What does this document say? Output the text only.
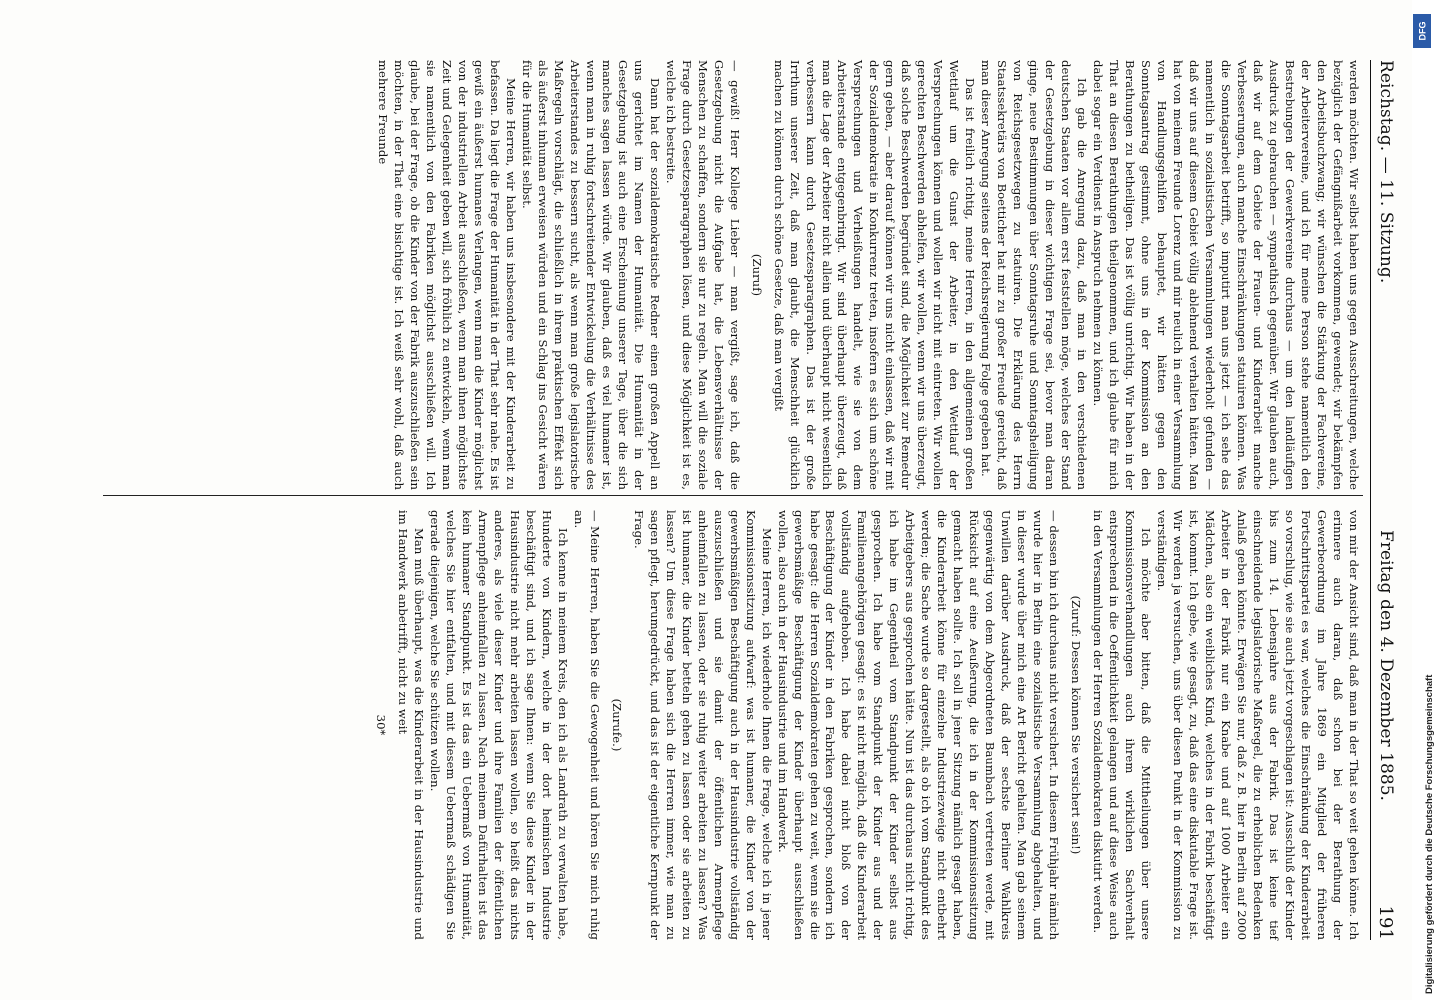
Reichstag. — 11. Sitzung.
Freitag den 4. Dezember 1885.
191

werden möchten. Wir selbst haben uns gegen Ausschreitungen, welche bezüglich der Gefängnißarbeit vorkommen, gewendet; wir bekämpfen den Arbeitsbuchzwang; wir wünschen die Stärkung der Fachvereine, der Arbeitervereine, und ich für meine Person stehe namentlich den Bestrebungen der Gewerkvereine durchaus — um den landläufigen Ausdruck zu gebrauchen — sympathisch gegenüber. Wir glauben auch, daß wir auf dem Gebiete der Frauen- und Kinderarbeit manche Verbesserungen, auch manche Einschränkungen statuiren können. Was die Sonntagsarbeit betrifft, so imputirt man uns jetzt — ich sehe das namentlich in sozialistischen Versammlungen wiederholt gefunden — daß wir uns auf diesem Gebiet völlig ablehnend verhalten hätten. Man hat von meinem Freunde Lorenz und mir neulich in einer Versammlung von Handlungsgehilfen behauptet, wir hätten gegen den Sonntagsantrag gestimmt, ohne uns in der Kommission an den Berathungen zu betheiligen. Das ist völlig unrichtig. Wir haben in der That an diesen Berathungen theilgenommen, und ich glaube für mich dabei sogar ein Verdienst in Anspruch nehmen zu können.

Ich gab die Anregung dazu, daß man in den verschiedenen deutschen Staaten vor allem erst feststellen möge, welches der Stand der Gesetzgebung in dieser wichtigen Frage sei, bevor man daran ginge, neue Bestimmungen über Sonntagsruhe und Sonntagsheiligung von Reichsgesetzwegen zu statuiren. Die Erklärung des Herrn Staatssekretärs von Boetticher hat mir zu großer Freude gereicht, daß man dieser Anregung seitens der Reichsregierung Folge gegeben hat.

Das ist freilich richtig, meine Herren, in den allgemeinen großen Wettlauf um die Gunst der Arbeiter, in den Wettlauf der Versprechungen können und wollen wir nicht mit eintreten. Wir wollen gerechten Beschwerden abhelfen, wir wollen, wenn wir uns überzeugt, daß solche Beschwerden begründet sind, die Möglichkeit zur Remedur gern geben, — aber darauf können wir uns nicht einlassen, daß wir mit der Sozialdemokratie in Konkurrenz treten, insofern es sich um schöne Versprechungen und Verheißungen handelt, wie sie von dem Arbeiterstande entgegenbringt. Wir sind überhaupt überzeugt, daß man die Lage der Arbeiter nicht allein und überhaupt nicht wesentlich verbessern kann durch Gesetzesparagraphen. Das ist der große Irrthum unserer Zeit, daß man glaubt, die Menschheit glücklich machen zu können durch schöne Gesetze, daß man vergißt

(Zuruf)

— gewiß! Herr Kollege Lieber — man vergißt, sage ich, daß die Gesetzgebung nicht die Aufgabe hat, die Lebensverhältnisse der Menschen zu schaffen, sondern sie nur zu regeln. Man will die soziale Frage durch Gesetzesparagraphen lösen, und diese Möglichkeit ist es, welche ich bestreite.

Dann hat der sozialdemokratische Redner einen großen Appell an uns gerichtet im Namen der Humanität. Die Humanität in der Gesetzgebung ist auch eine Erscheinung unserer Tage, über die sich manches sagen lassen würde. Wir glauben, daß es viel humaner ist, wenn man in ruhig fortschreitender Entwickelung die Verhältnisse des Arbeiterstandes zu bessern sucht, als wenn man große legislatorische Maßregeln vorschlägt, die schließlich in ihrem praktischen Effekt sich als äußerst inhuman erweisen würden und ein Schlag ins Gesicht wären für die Humanität selbst.

Meine Herren, wir haben uns insbesondere mit der Kinderarbeit zu befassen. Da liegt die Frage der Humanität in der That sehr nahe. Es ist gewiß ein äußerst humanes Verlangen, wenn man die Kinder möglichst von der industriellen Arbeit ausschließen, wenn man ihnen möglichste Zeit und Gelegenheit geben will, sich fröhlich zu entwickeln, wenn man sie namentlich von den Fabriken möglichst ausschließen will. Ich glaube, bei der Frage, ob die Kinder von der Fabrik auszuschließen sein möchten, in der That eine bisichtige ist. Ich weiß sehr wohl, daß auch mehrere Freunde

von mir der Ansicht sind, daß man in der That so weit gehen könne. Ich erinnere auch daran, daß schon bei der Berathung der Gewerbeordnung im Jahre 1869 ein Mitglied der früheren Fortschrittspartei es war, welches die Einschränkung der Kinderarbeit so vorschlug, wie sie auch jetzt vorgeschlagen ist: Ausschluß der Kinder bis zum 14. Lebensjahre aus der Fabrik. Das ist keine tief einschneidende legislatorische Maßregel, die zu erheblichen Bedenken Anlaß geben könnte. Erwägen Sie nur, daß z. B. hier in Berlin auf 2000 Arbeiter in der Fabrik nur ein Knabe und auf 1000 Arbeiter ein Mädchen, also ein weibliches Kind, welches in der Fabrik beschäftigt ist, kommt. Ich gebe, wie gesagt, zu, daß das eine diskutable Frage ist. Wir werden ja versuchen, uns über diesen Punkt in der Kommission zu verständigen.

Ich möchte aber bitten, daß die Mittheilungen über unsere Kommissionsverhandlungen auch ihrem wirklichen Sachverhalt entsprechend in die Oeffentlichkeit gelangen und auf diese Weise auch in den Versammlungen der Herren Sozialdemokraten diskutirt werden.

(Zuruf: Dessen können Sie versichert sein!)

— dessen bin ich durchaus nicht versichert. In diesem Frühjahr nämlich wurde hier in Berlin eine sozialistische Versammlung abgehalten, und in dieser wurde über mich eine Art Bericht gehalten. Man gab seinem Unwillen darüber Ausdruck, daß der sechste Berliner Wahlkreis gegenwärtig von dem Abgeordneten Baumbach vertreten werde, mit Rücksicht auf eine Aeußerung, die ich in der Kommissionssitzung gemacht haben sollte. Ich soll in jener Sitzung nämlich gesagt haben, die Kinderarbeit könne für einzelne Industriezweige nicht entbehrt werden; die Sache wurde so dargestellt, als ob ich vom Standpunkt des Arbeitgebers aus gesprochen hätte. Nun ist das durchaus nicht richtig, ich habe im Gegentheil vom Standpunkt der Kinder selbst aus gesprochen. Ich habe vom Standpunkt der Kinder aus und der Familienangehörigen gesagt: es ist nicht möglich, daß die Kinderarbeit vollständig aufgehoben. Ich habe dabei nicht bloß von der Beschäftigung der Kinder in den Fabriken gesprochen, sondern ich habe gesagt: die Herren Sozialdemokraten gehen zu weit, wenn sie die gewerbsmäßige Beschäftigung der Kinder überhaupt ausschließen wollen, also auch in der Hausindustrie und im Handwerk.

Meine Herren, ich wiederhole Ihnen die Frage, welche ich in jener Kommissionssitzung aufwarf: was ist humaner, die Kinder von der gewerbsmäßigen Beschäftigung auch in der Hausindustrie vollständig auszuschließen und sie damit der öffentlichen Armenpflege anheimfallen zu lassen, oder sie ruhig weiter arbeiten zu lassen? Was ist humaner, die Kinder betteln gehen zu lassen oder sie arbeiten zu lassen? Um diese Frage haben sich die Herren immer, wie man zu sagen pflegt, herumgedrückt, und das ist der eigentliche Kernpunkt der Frage.

(Zurufe.)

— Meine Herren, haben Sie die Gewogenheit und hören Sie mich ruhig an.

Ich kenne in meinem Kreis, den ich als Landrath zu verwalten habe, Hunderte von Kindern, welche in der dort heimischen Industrie beschäftigt sind, und ich sage Ihnen: wenn Sie diese Kinder in der Hausindustrie nicht mehr arbeiten lassen wollen, so heißt das nichts anderes, als viele dieser Kinder und ihre Familien der öffentlichen Armenpflege anheimfallen zu lassen. Nach meinem Dafürhalten ist das kein humaner Standpunkt. Es ist das ein Uebermaß von Humanität, welches Sie hier entfalten, und mit diesem Uebermaß schädigen Sie gerade diejenigen, welche Sie schützen wollen.

Man muß überhaupt, was die Kinderarbeit in der Hausindustrie und im Handwerk anbetrifft, nicht zu weit

30*	Digitalisierung gefördert durch die Deutsche Forschungsgemeinschaft
DFG
